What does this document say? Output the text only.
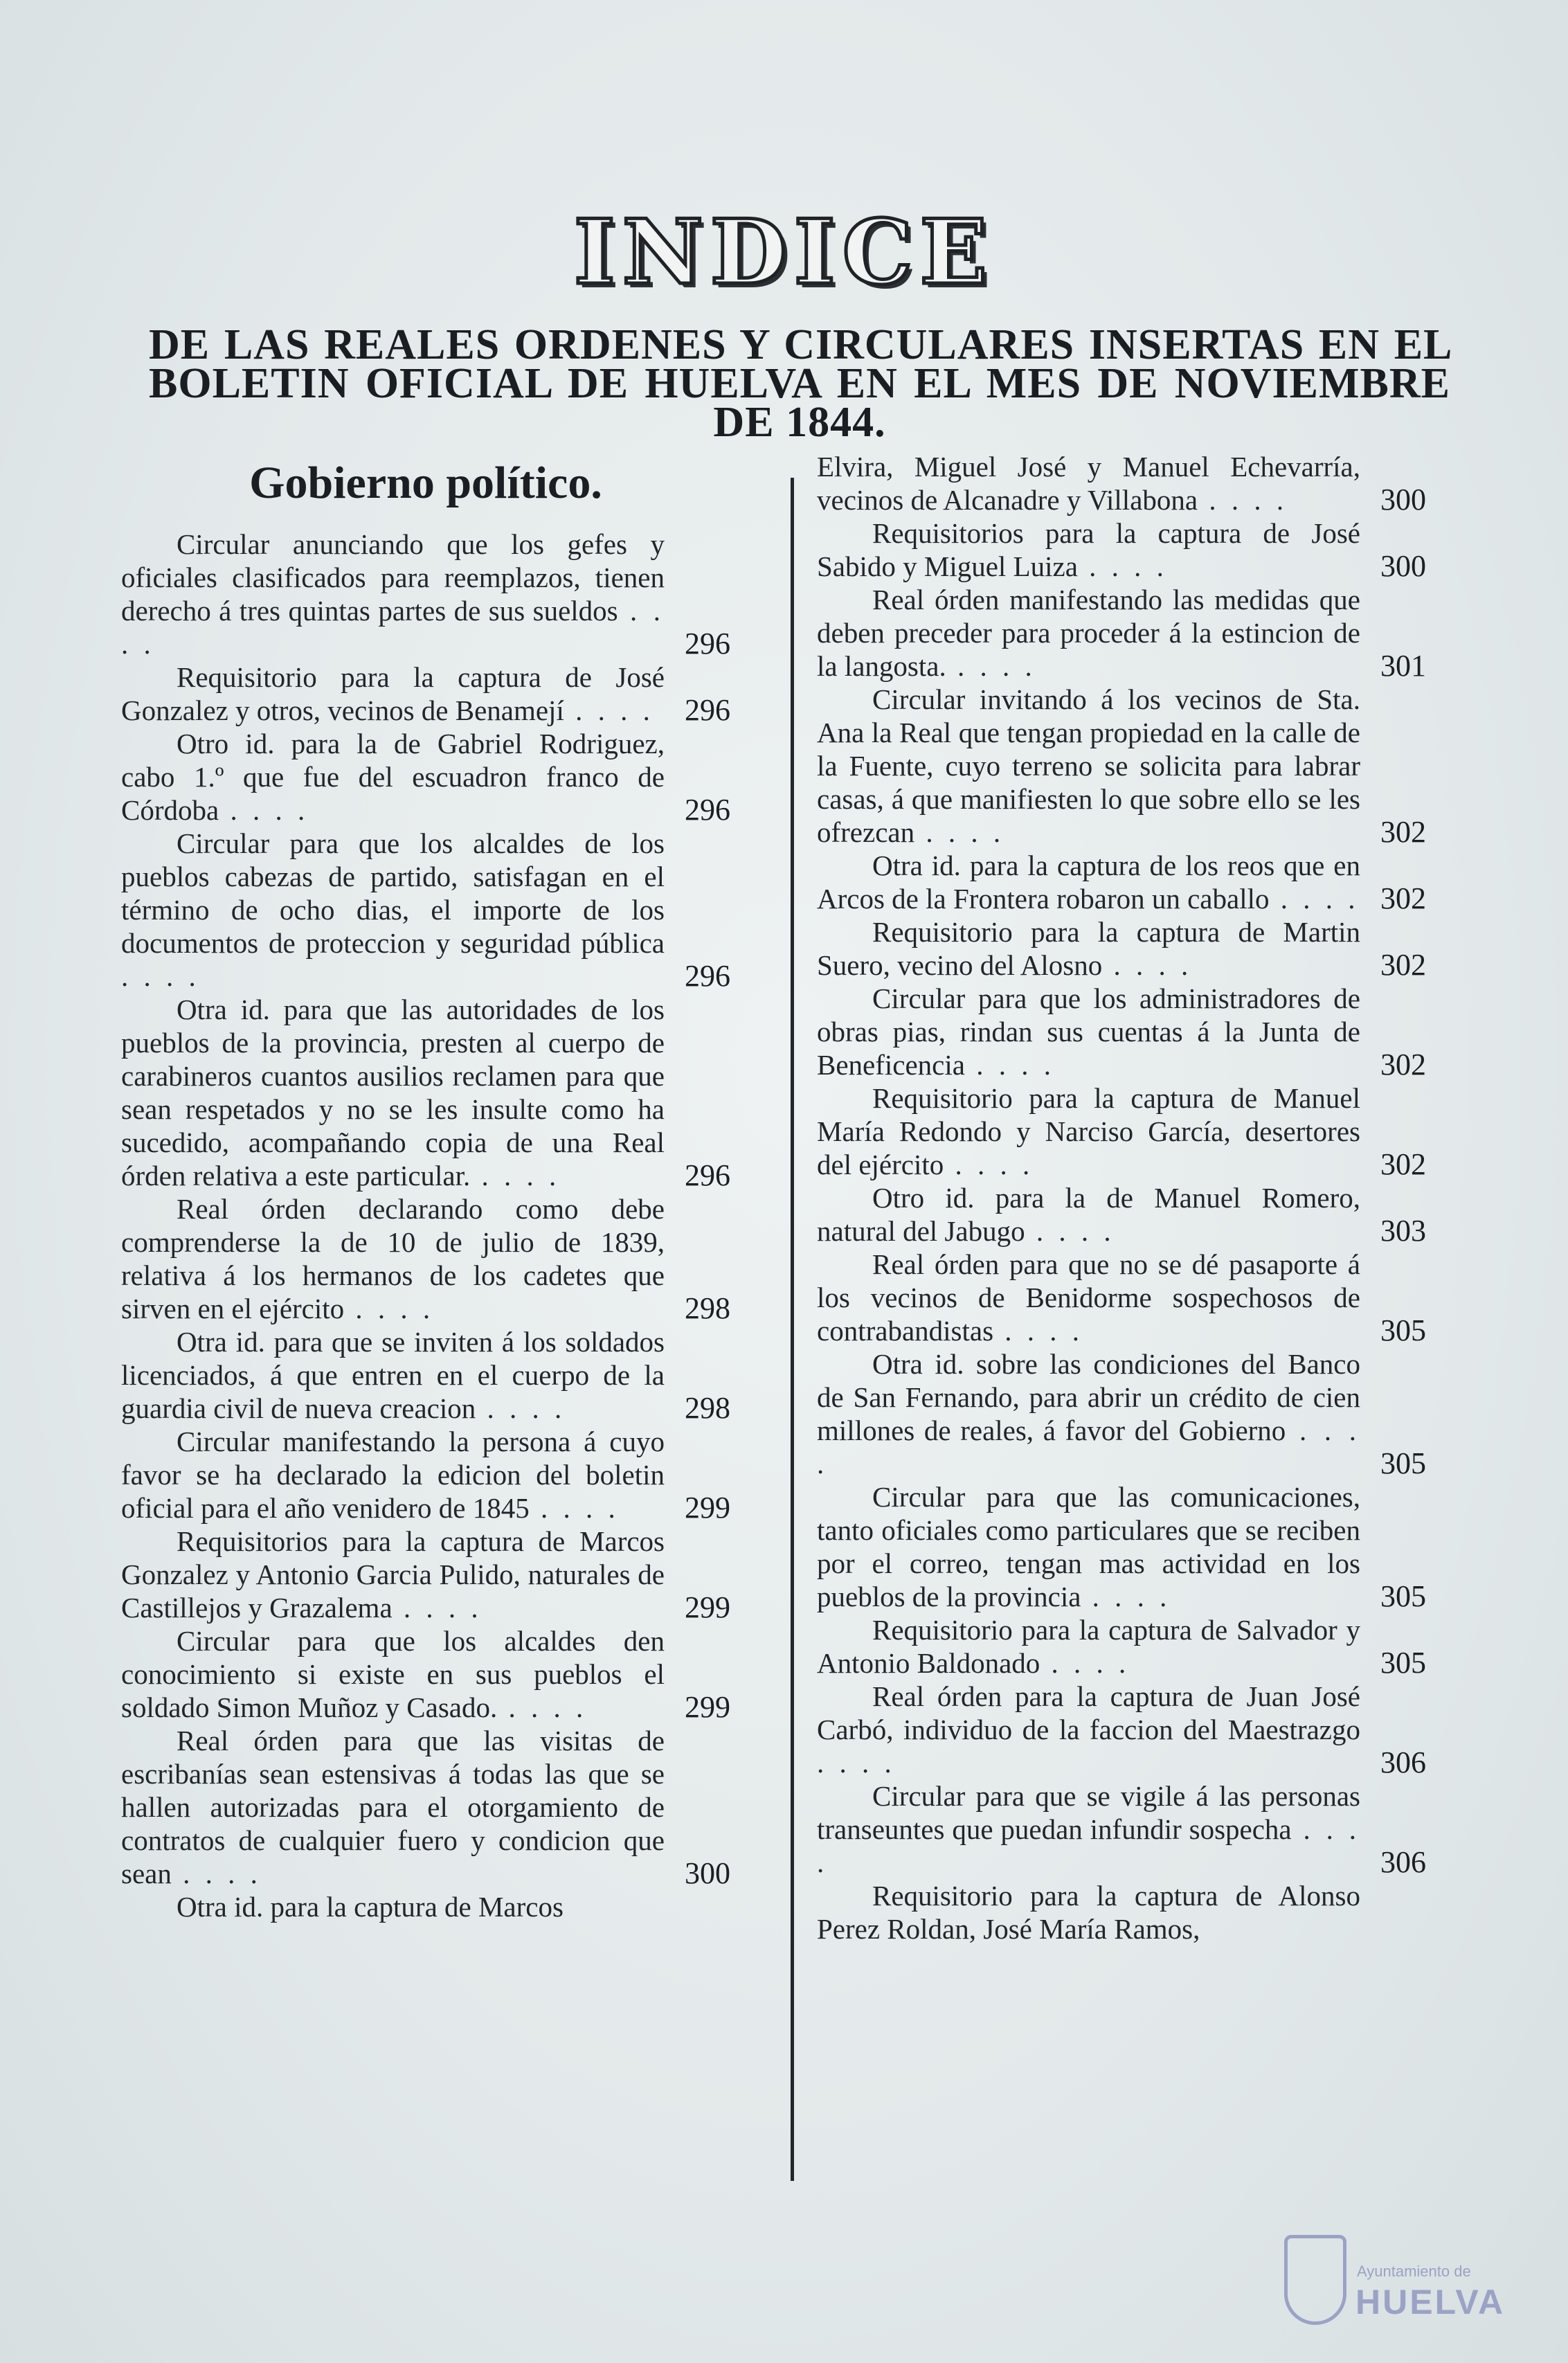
INDICE
DE LAS REALES ORDENES Y CIRCULARES INSERTAS EN EL BOLETIN OFICIAL DE HUELVA EN EL MES DE NOVIEMBRE DE 1844.
Gobierno político.
Circular anunciando que los gefes y oficiales clasificados para reemplazos, tienen derecho á tres quintas partes de sus sueldos . . . .	296
Requisitorio para la captura de José Gonzalez y otros, vecinos de Benamejí . . . .	296
Otro id. para la de Gabriel Rodriguez, cabo 1.º que fue del escuadron franco de Córdoba . . . .	296
Circular para que los alcaldes de los pueblos cabezas de partido, satisfagan en el término de ocho dias, el importe de los documentos de proteccion y seguridad pública . . . .	296
Otra id. para que las autoridades de los pueblos de la provincia, presten al cuerpo de carabineros cuantos ausilios reclamen para que sean respetados y no se les insulte como ha sucedido, acompañando copia de una Real órden relativa a este particular. . . . .	296
Real órden declarando como debe comprenderse la de 10 de julio de 1839, relativa á los hermanos de los cadetes que sirven en el ejército . . . .	298
Otra id. para que se inviten á los soldados licenciados, á que entren en el cuerpo de la guardia civil de nueva creacion . . . .	298
Circular manifestando la persona á cuyo favor se ha declarado la edicion del boletin oficial para el año venidero de 1845 . . . .	299
Requisitorios para la captura de Marcos Gonzalez y Antonio Garcia Pulido, naturales de Castillejos y Grazalema . . . .	299
Circular para que los alcaldes den conocimiento si existe en sus pueblos el soldado Simon Muñoz y Casado. . . . .	299
Real órden para que las visitas de escribanías sean estensivas á todas las que se hallen autorizadas para el otorgamiento de contratos de cualquier fuero y condicion que sean . . . .	300
Otra id. para la captura de Marcos
Elvira, Miguel José y Manuel Echevarría, vecinos de Alcanadre y Villabona . . . .	300
Requisitorios para la captura de José Sabido y Miguel Luiza . . . .	300
Real órden manifestando las medidas que deben preceder para proceder á la estincion de la langosta. . . . .	301
Circular invitando á los vecinos de Sta. Ana la Real que tengan propiedad en la calle de la Fuente, cuyo terreno se solicita para labrar casas, á que manifiesten lo que sobre ello se les ofrezcan . . . .	302
Otra id. para la captura de los reos que en Arcos de la Frontera robaron un caballo . . . . 302
Requisitorio para la captura de Martin Suero, vecino del Alosno . . . .	302
Circular para que los administradores de obras pias, rindan sus cuentas á la Junta de Beneficencia . . . .	302
Requisitorio para la captura de Manuel María Redondo y Narciso García, desertores del ejército . . . .	302
Otro id. para la de Manuel Romero, natural del Jabugo . . . .	303
Real órden para que no se dé pasaporte á los vecinos de Benidorme sospechosos de contrabandistas . . . .	305
Otra id. sobre las condiciones del Banco de San Fernando, para abrir un crédito de cien millones de reales, á favor del Gobierno . . . .	305
Circular para que las comunicaciones, tanto oficiales como particulares que se reciben por el correo, tengan mas actividad en los pueblos de la provincia . . . .	305
Requisitorio para la captura de Salvador y Antonio Baldonado . . . .	305
Real órden para la captura de Juan José Carbó, individuo de la faccion del Maestrazgo . . . .	306
Circular para que se vigile á las personas transeuntes que puedan infundir sospecha . . . .	306
Requisitorio para la captura de Alonso Perez Roldan, José María Ramos,
Ayuntamiento de
HUELVA
